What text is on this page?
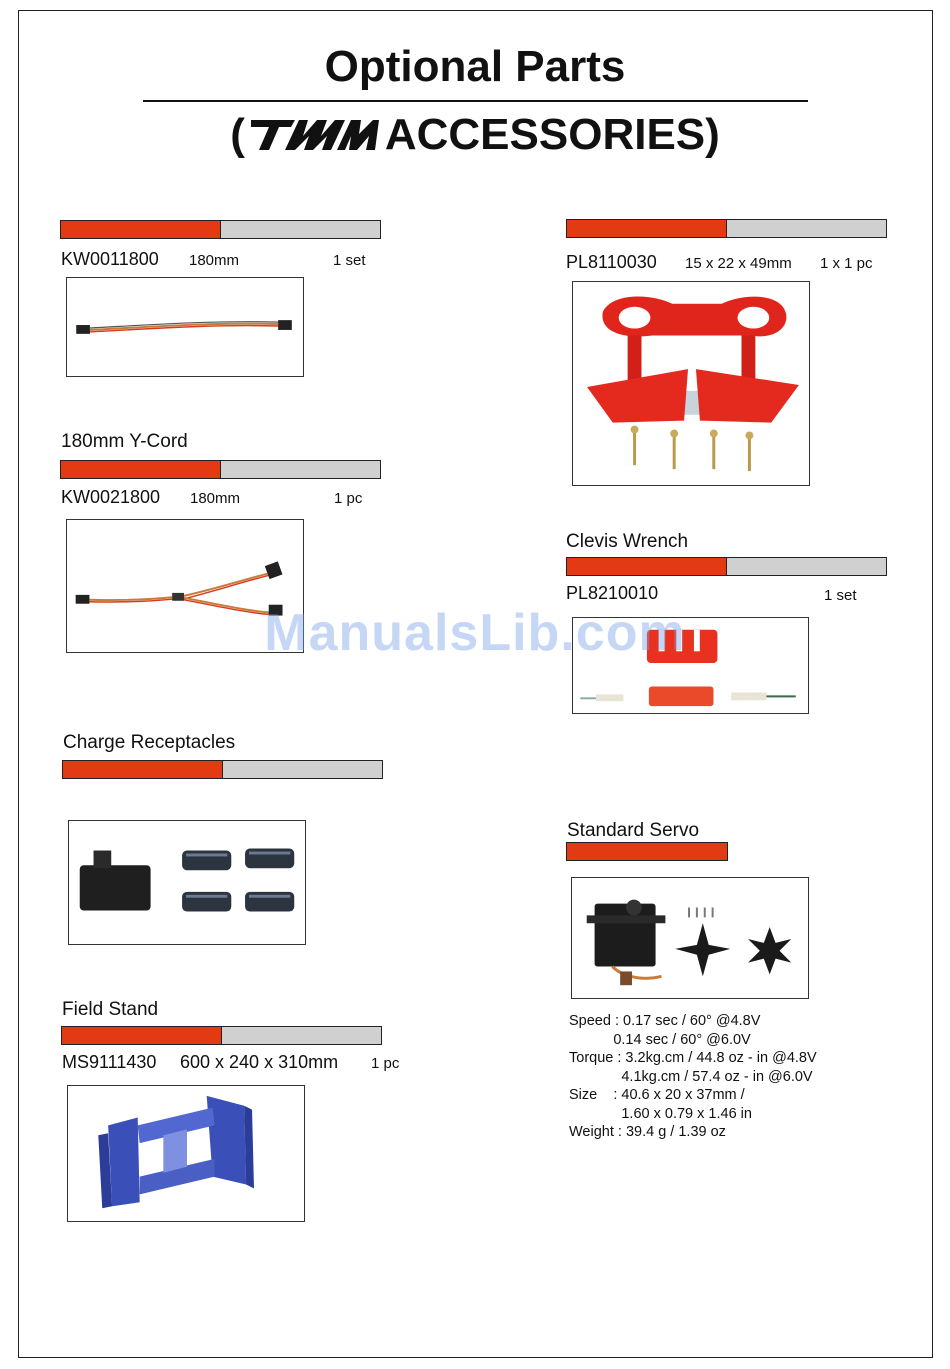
Optional Parts
(	ACCESSORIES)
KW0011800 180mm	1 set
180mm Y-Cord
KW0021800 180mm	1 pc
Charge Receptacles
Field Stand
MS9111430 600 x 240 x 310mm 1 pc
PL8110030 15 x 22 x 49mm 1 x 1 pc
Clevis Wrench
PL8210010	1 set
Standard Servo
Speed : 0.17 sec / 60° @4.8V
0.14 sec / 60° @6.0V
Torque : 3.2kg.cm / 44.8 oz - in @4.8V
4.1kg.cm / 57.4 oz - in @6.0V
Size    : 40.6 x 20 x 37mm /
1.60 x 0.79 x 1.46 in
Weight : 39.4 g / 1.39 oz
ManualsLib.com
